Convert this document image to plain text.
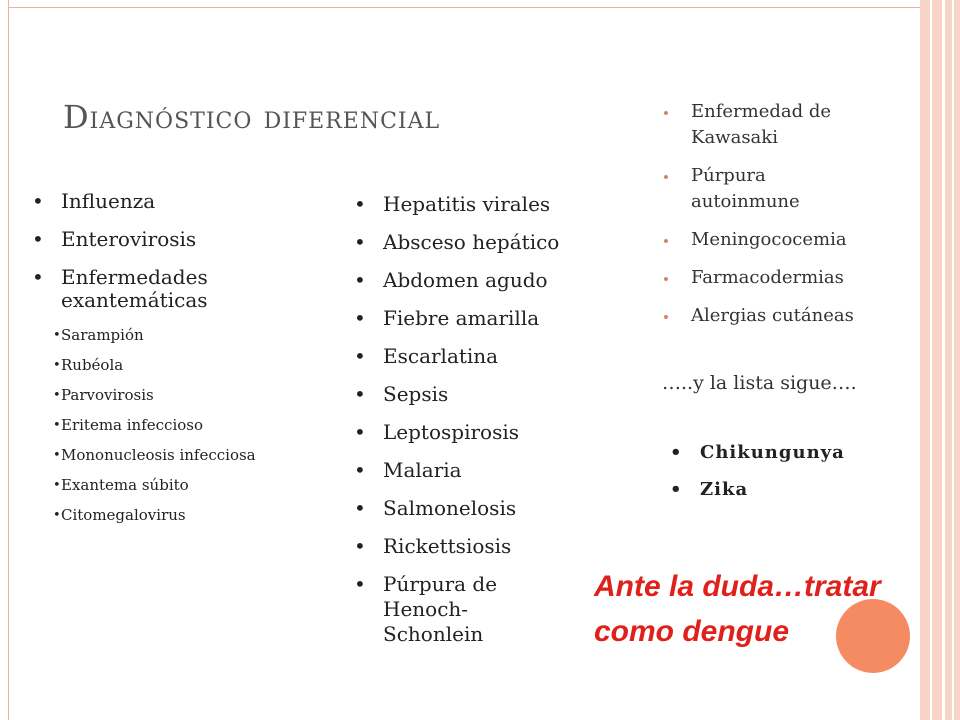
Diagnóstico diferencial
• Influenza
• Enterovirosis
• Enfermedades exantemáticas
• Sarampión
• Rubéola
• Parvovirosis
• Eritema infeccioso
• Mononucleosis infecciosa
• Exantema súbito
• Citomegalovirus
• Hepatitis virales
• Absceso hepático
• Abdomen agudo
• Fiebre amarilla
• Escarlatina
• Sepsis
• Leptospirosis
• Malaria
• Salmonelosis
• Rickettsiosis
• Púrpura de Henoch-Schonlein
Enfermedad de Kawasaki
Púrpura autoinmune
Meningococemia
Farmacodermias
Alergias cutáneas
…..y la lista sigue….
• Chikungunya
• Zika
Ante la duda…tratar como dengue
